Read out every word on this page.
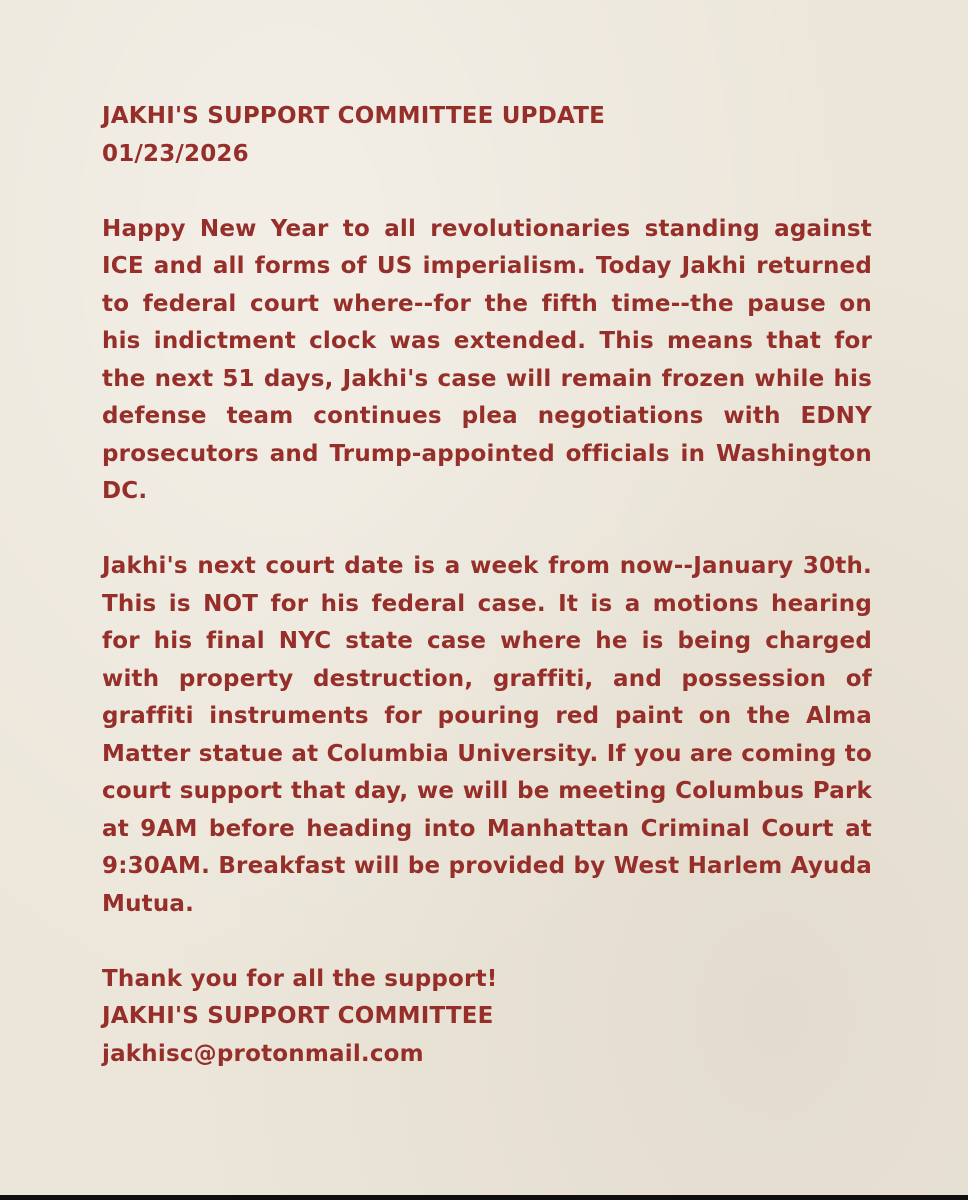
JAKHI'S SUPPORT COMMITTEE UPDATE
01/23/2026

Happy New Year to all revolutionaries standing against ICE and all forms of US imperialism. Today Jakhi returned to federal court where--for the fifth time--the pause on his indictment clock was extended. This means that for the next 51 days, Jakhi's case will remain frozen while his defense team continues plea negotiations with EDNY prosecutors and Trump-appointed officials in Washington DC.

Jakhi's next court date is a week from now--January 30th. This is NOT for his federal case. It is a motions hearing for his final NYC state case where he is being charged with property destruction, graffiti, and possession of graffiti instruments for pouring red paint on the Alma Matter statue at Columbia University. If you are coming to court support that day, we will be meeting Columbus Park at 9AM before heading into Manhattan Criminal Court at 9:30AM. Breakfast will be provided by West Harlem Ayuda Mutua.

Thank you for all the support!
JAKHI'S SUPPORT COMMITTEE
jakhisc@protonmail.com
